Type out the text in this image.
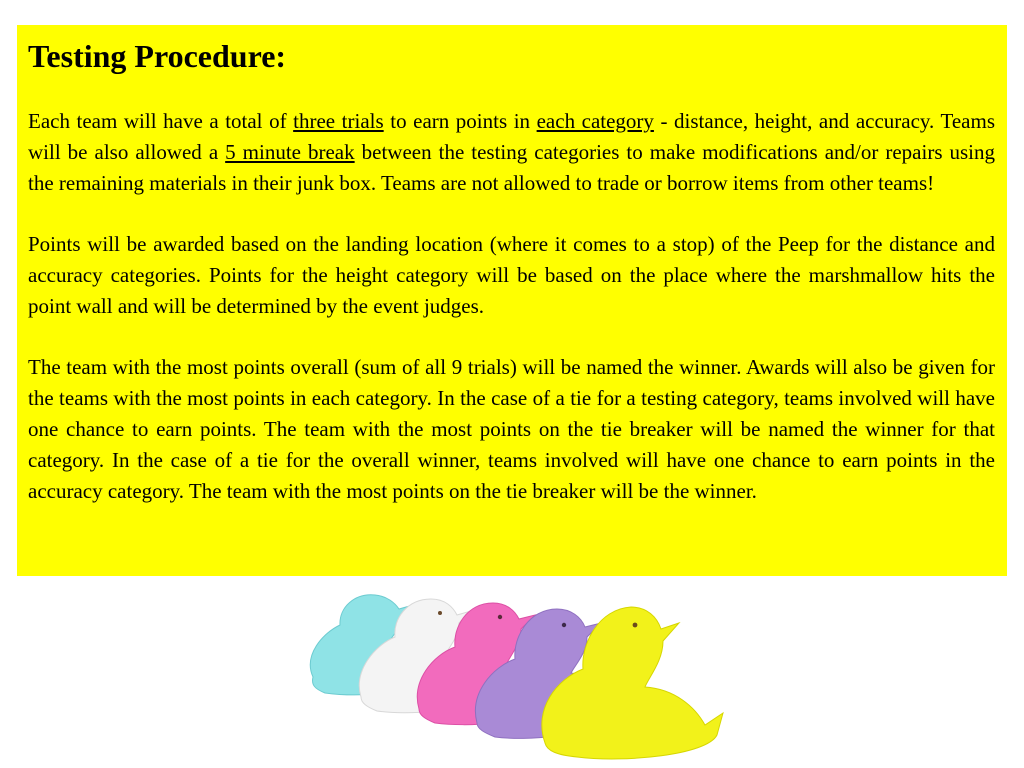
Testing Procedure:

Each team will have a total of three trials to earn points in each category - distance, height, and accuracy. Teams will be also allowed a 5 minute break between the testing categories to make modifications and/or repairs using the remaining materials in their junk box. Teams are not allowed to trade or borrow items from other teams!

Points will be awarded based on the landing location (where it comes to a stop) of the Peep for the distance and accuracy categories. Points for the height category will be based on the place where the marshmallow hits the point wall and will be determined by the event judges.

The team with the most points overall (sum of all 9 trials) will be named the winner. Awards will also be given for the teams with the most points in each category. In the case of a tie for a testing category, teams involved will have one chance to earn points. The team with the most points on the tie breaker will be named the winner for that category. In the case of a tie for the overall winner, teams involved will have one chance to earn points in the accuracy category. The team with the most points on the tie breaker will be the winner.
